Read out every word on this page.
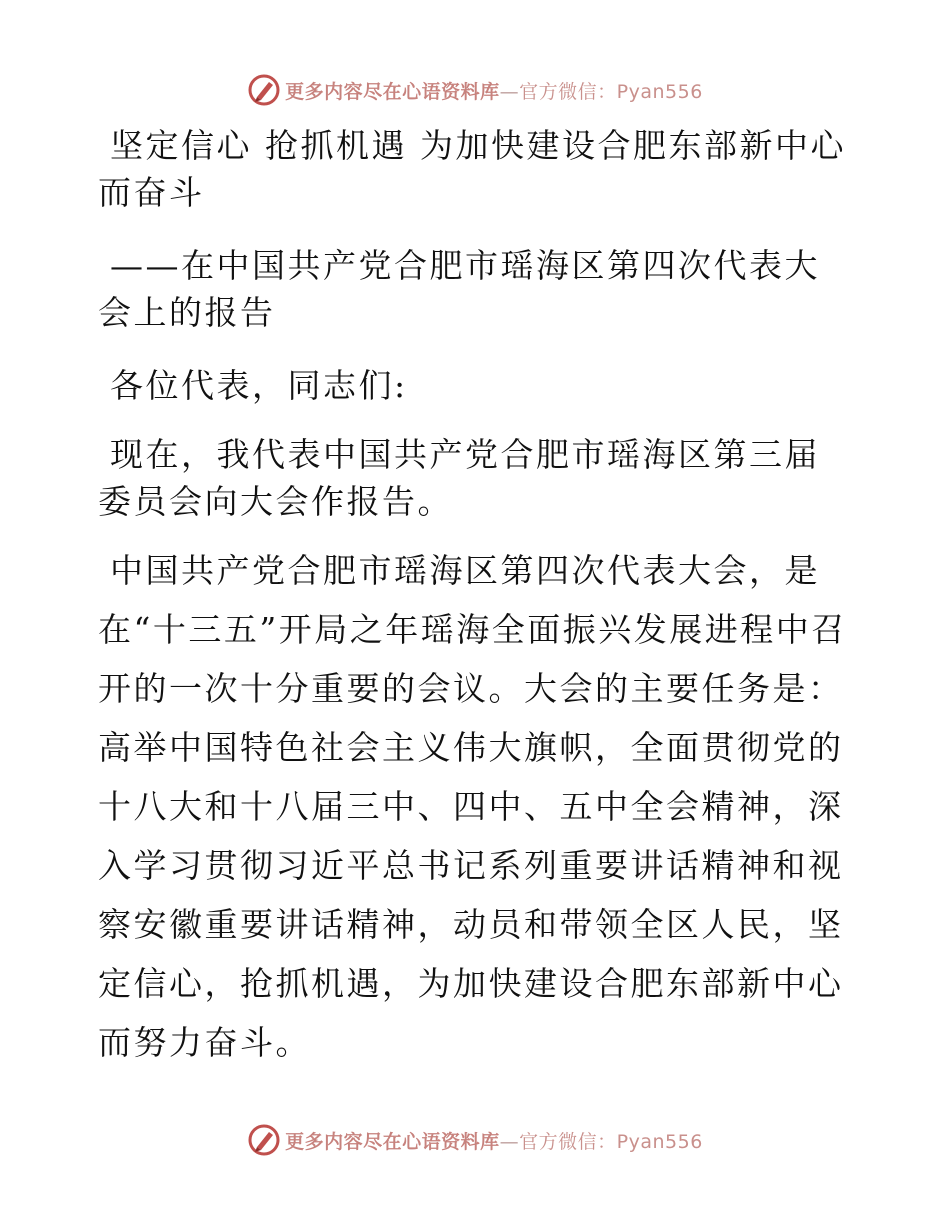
更多内容尽在心语资料库—官方微信：Pyan556

坚定信心 抢抓机遇 为加快建设合肥东部新中心而奋斗

——在中国共产党合肥市瑶海区第四次代表大会上的报告

各位代表，同志们:

现在，我代表中国共产党合肥市瑶海区第三届委员会向大会作报告。

中国共产党合肥市瑶海区第四次代表大会，是在“十三五”开局之年瑶海全面振兴发展进程中召开的一次十分重要的会议。大会的主要任务是：高举中国特色社会主义伟大旗帜，全面贯彻党的十八大和十八届三中、四中、五中全会精神，深入学习贯彻习近平总书记系列重要讲话精神和视察安徽重要讲话精神，动员和带领全区人民，坚定信心，抢抓机遇，为加快建设合肥东部新中心而努力奋斗。

更多内容尽在心语资料库—官方微信：Pyan556
